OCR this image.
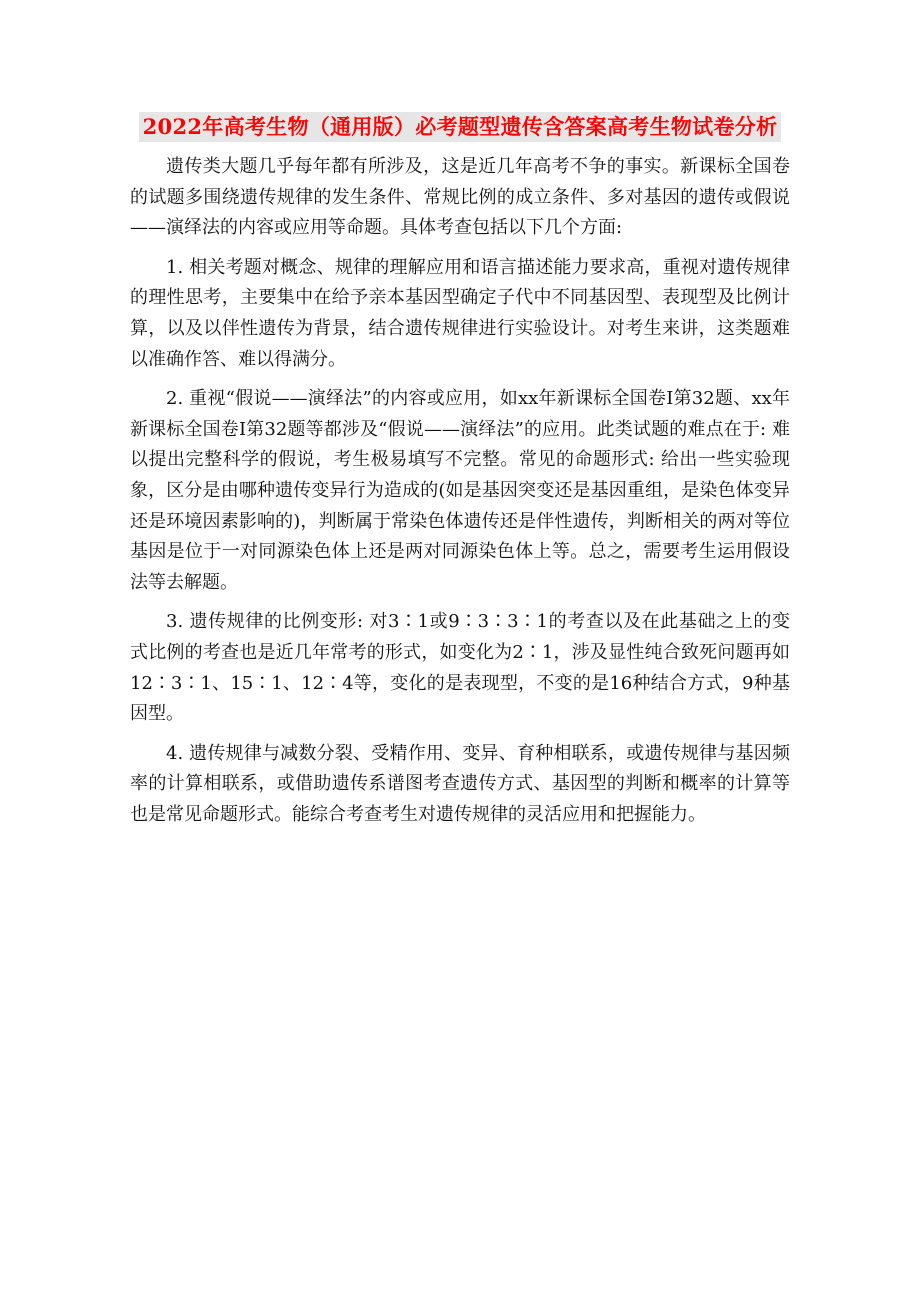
2022年高考生物（通用版）必考题型遗传含答案高考生物试卷分析

遗传类大题几乎每年都有所涉及，这是近几年高考不争的事实。新课标全国卷的试题多围绕遗传规律的发生条件、常规比例的成立条件、多对基因的遗传或假说——演绎法的内容或应用等命题。具体考查包括以下几个方面:

1. 相关考题对概念、规律的理解应用和语言描述能力要求高，重视对遗传规律的理性思考，主要集中在给予亲本基因型确定子代中不同基因型、表现型及比例计算，以及以伴性遗传为背景，结合遗传规律进行实验设计。对考生来讲，这类题难以准确作答、难以得满分。

2. 重视“假说——演绎法”的内容或应用，如xx年新课标全国卷Ⅰ第32题、xx年新课标全国卷Ⅰ第32题等都涉及“假说——演绎法”的应用。此类试题的难点在于: 难以提出完整科学的假说，考生极易填写不完整。常见的命题形式: 给出一些实验现象，区分是由哪种遗传变异行为造成的(如是基因突变还是基因重组，是染色体变异还是环境因素影响的)，判断属于常染色体遗传还是伴性遗传，判断相关的两对等位基因是位于一对同源染色体上还是两对同源染色体上等。总之，需要考生运用假设法等去解题。

3. 遗传规律的比例变形: 对3∶1或9∶3∶3∶1的考查以及在此基础之上的变式比例的考查也是近几年常考的形式，如变化为2∶1，涉及显性纯合致死问题再如12∶3∶1、15∶1、12∶4等，变化的是表现型，不变的是16种结合方式，9种基因型。

4. 遗传规律与减数分裂、受精作用、变异、育种相联系，或遗传规律与基因频率的计算相联系，或借助遗传系谱图考查遗传方式、基因型的判断和概率的计算等也是常见命题形式。能综合考查考生对遗传规律的灵活应用和把握能力。
